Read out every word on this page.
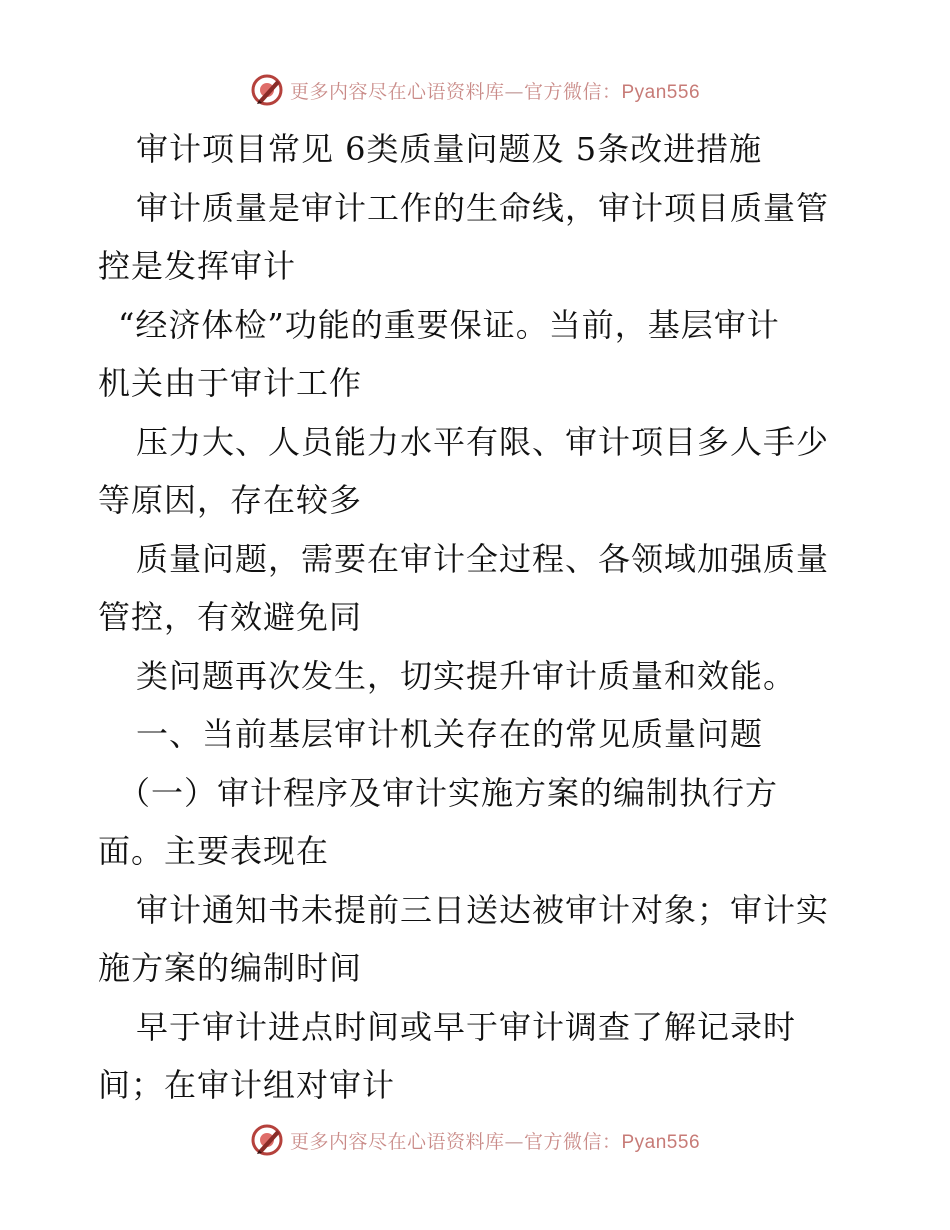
更多内容尽在心语资料库—官方微信：Pyan556
审计项目常见 6类质量问题及 5条改进措施
审计质量是审计工作的生命线，审计项目质量管
控是发挥审计
“经济体检”功能的重要保证。当前，基层审计
机关由于审计工作
压力大、人员能力水平有限、审计项目多人手少
等原因，存在较多
质量问题，需要在审计全过程、各领域加强质量
管控，有效避免同
类问题再次发生，切实提升审计质量和效能。
一、当前基层审计机关存在的常见质量问题
（一）审计程序及审计实施方案的编制执行方
面。主要表现在
审计通知书未提前三日送达被审计对象；审计实
施方案的编制时间
早于审计进点时间或早于审计调查了解记录时
间；在审计组对审计
更多内容尽在心语资料库—官方微信：Pyan556
